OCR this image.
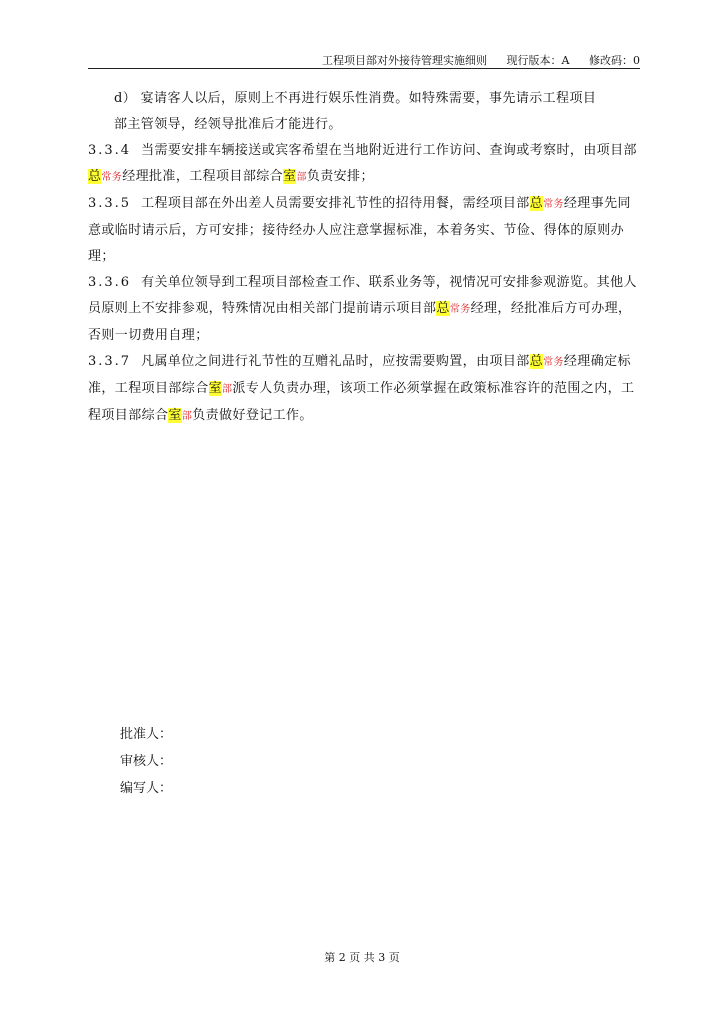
工程项目部对外接待管理实施细则 现行版本：A 修改码：0

d） 宴请客人以后，原则上不再进行娱乐性消费。如特殊需要，事先请示工程项目
部主管领导，经领导批准后才能进行。

3.3.4 当需要安排车辆接送或宾客希望在当地附近进行工作访问、查询或考察时，由项目部总常务经理批准，工程项目部综合室部负责安排；

3.3.5 工程项目部在外出差人员需要安排礼节性的招待用餐，需经项目部总常务经理事先同意或临时请示后，方可安排；接待经办人应注意掌握标准，本着务实、节俭、得体的原则办理；

3.3.6 有关单位领导到工程项目部检查工作、联系业务等，视情况可安排参观游览。其他人员原则上不安排参观，特殊情况由相关部门提前请示项目部总常务经理，经批准后方可办理，否则一切费用自理；

3.3.7 凡属单位之间进行礼节性的互赠礼品时，应按需要购置，由项目部总常务经理确定标准，工程项目部综合室部派专人负责办理，该项工作必须掌握在政策标准容许的范围之内，工程项目部综合室部负责做好登记工作。

批准人：
审核人：
编写人：
第 2 页 共 3 页
